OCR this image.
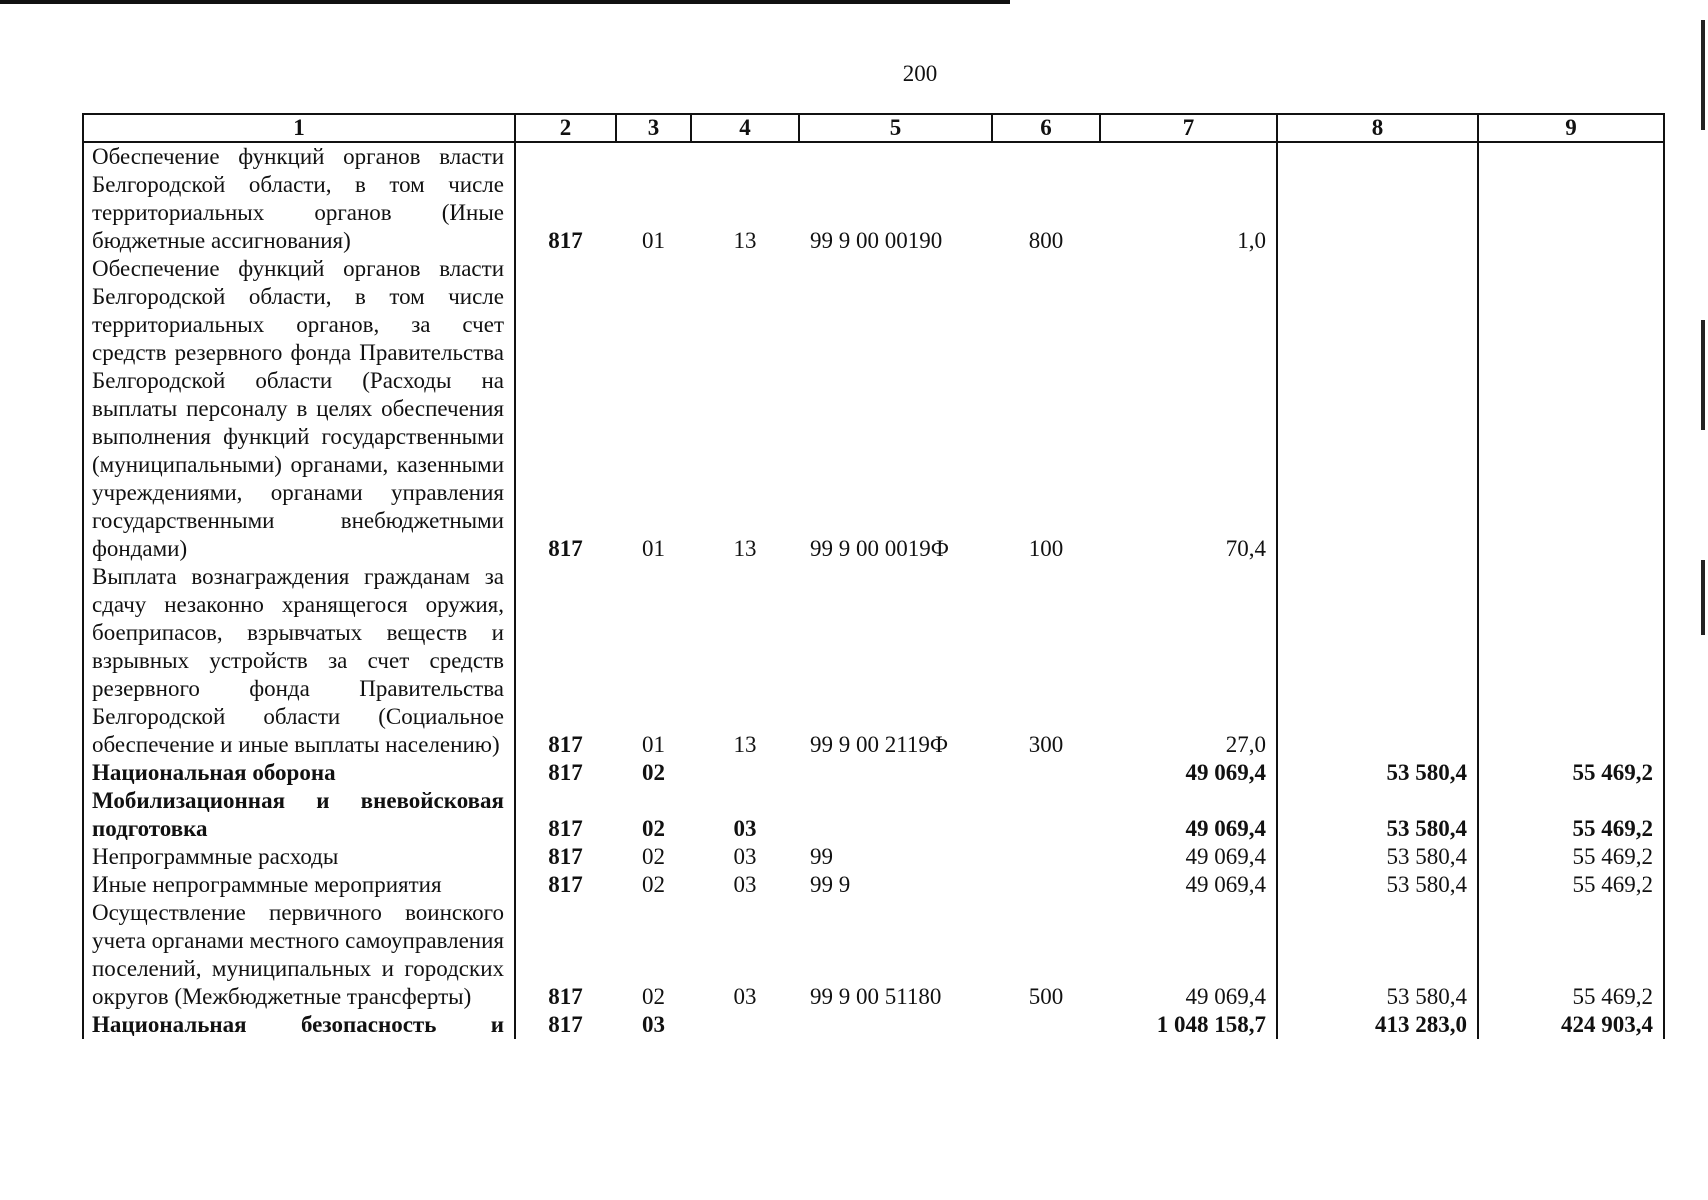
200
1	2	3	4	5	6	7	8	9
Обеспечение функций органов власти Белгородской области, в том числе территориальных органов (Иные бюджетные ассигнования)	817	01	13	99 9 00 00190	800	1,0		
Обеспечение функций органов власти Белгородской области, в том числе территориальных органов, за счет средств резервного фонда Правительства Белгородской области (Расходы на выплаты персоналу в целях обеспечения выполнения функций государственными (муниципальными) органами, казенными учреждениями, органами управления государственными внебюджетными фондами)	817	01	13	99 9 00 0019Ф	100	70,4		
Выплата вознаграждения гражданам за сдачу незаконно хранящегося оружия, боеприпасов, взрывчатых веществ и взрывных устройств за счет средств резервного фонда Правительства Белгородской области (Социальное обеспечение и иные выплаты населению)	817	01	13	99 9 00 2119Ф	300	27,0		
Национальная оборона	817	02				49 069,4	53 580,4	55 469,2
Мобилизационная и вневойсковая подготовка	817	02	03			49 069,4	53 580,4	55 469,2
Непрограммные расходы	817	02	03	99		49 069,4	53 580,4	55 469,2
Иные непрограммные мероприятия	817	02	03	99 9		49 069,4	53 580,4	55 469,2
Осуществление первичного воинского учета органами местного самоуправления поселений, муниципальных и городских округов (Межбюджетные трансферты)	817	02	03	99 9 00 51180	500	49 069,4	53 580,4	55 469,2
Национальная безопасность и	817	03				1 048 158,7	413 283,0	424 903,4
